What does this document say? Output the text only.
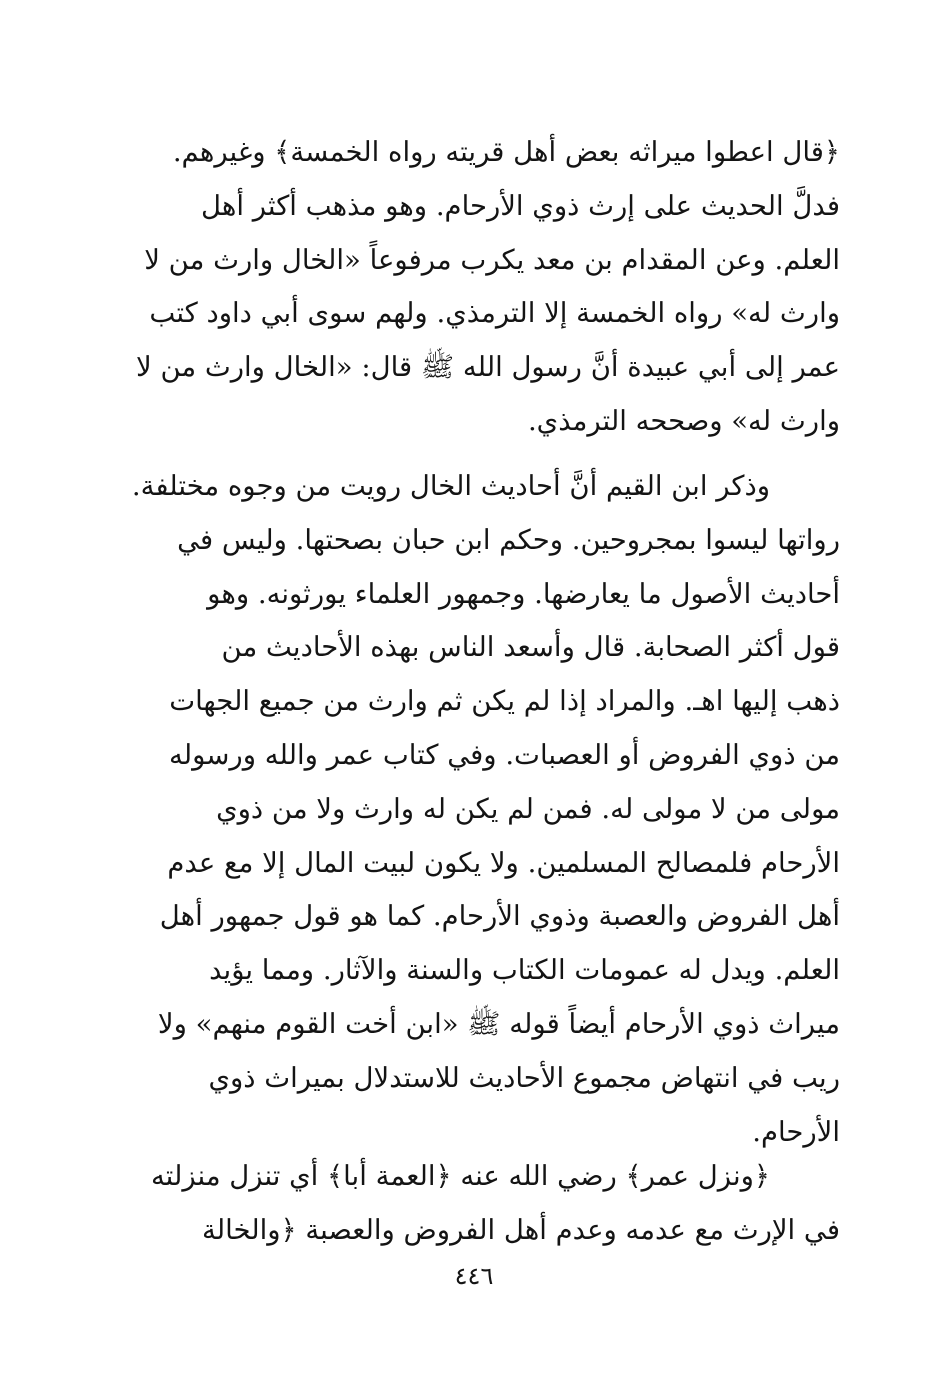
﴿قال اعطوا ميراثه بعض أهل قريته رواه الخمسة﴾ وغيرهم.
فدلَّ الحديث على إرث ذوي الأرحام. وهو مذهب أكثر أهل
العلم. وعن المقدام بن معد يكرب مرفوعاً «الخال وارث من لا
وارث له» رواه الخمسة إلا الترمذي. ولهم سوى أبي داود كتب
عمر إلى أبي عبيدة أنَّ رسول الله ﷺ قال: «الخال وارث من لا
وارث له» وصححه الترمذي.
وذكر ابن القيم أنَّ أحاديث الخال رويت من وجوه مختلفة.
رواتها ليسوا بمجروحين. وحكم ابن حبان بصحتها. وليس في
أحاديث الأصول ما يعارضها. وجمهور العلماء يورثونه. وهو
قول أكثر الصحابة. قال وأسعد الناس بهذه الأحاديث من
ذهب إليها اهـ. والمراد إذا لم يكن ثم وارث من جميع الجهات
من ذوي الفروض أو العصبات. وفي كتاب عمر والله ورسوله
مولى من لا مولى له. فمن لم يكن له وارث ولا من ذوي
الأرحام فلمصالح المسلمين. ولا يكون لبيت المال إلا مع عدم
أهل الفروض والعصبة وذوي الأرحام. كما هو قول جمهور أهل
العلم. ويدل له عمومات الكتاب والسنة والآثار. ومما يؤيد
ميراث ذوي الأرحام أيضاً قوله ﷺ «ابن أخت القوم منهم» ولا
ريب في انتهاض مجموع الأحاديث للاستدلال بميراث ذوي
الأرحام.
﴿ونزل عمر﴾ رضي الله عنه ﴿العمة أبا﴾ أي تنزل منزلته
في الإرث مع عدمه وعدم أهل الفروض والعصبة ﴿والخالة
٤٤٦
